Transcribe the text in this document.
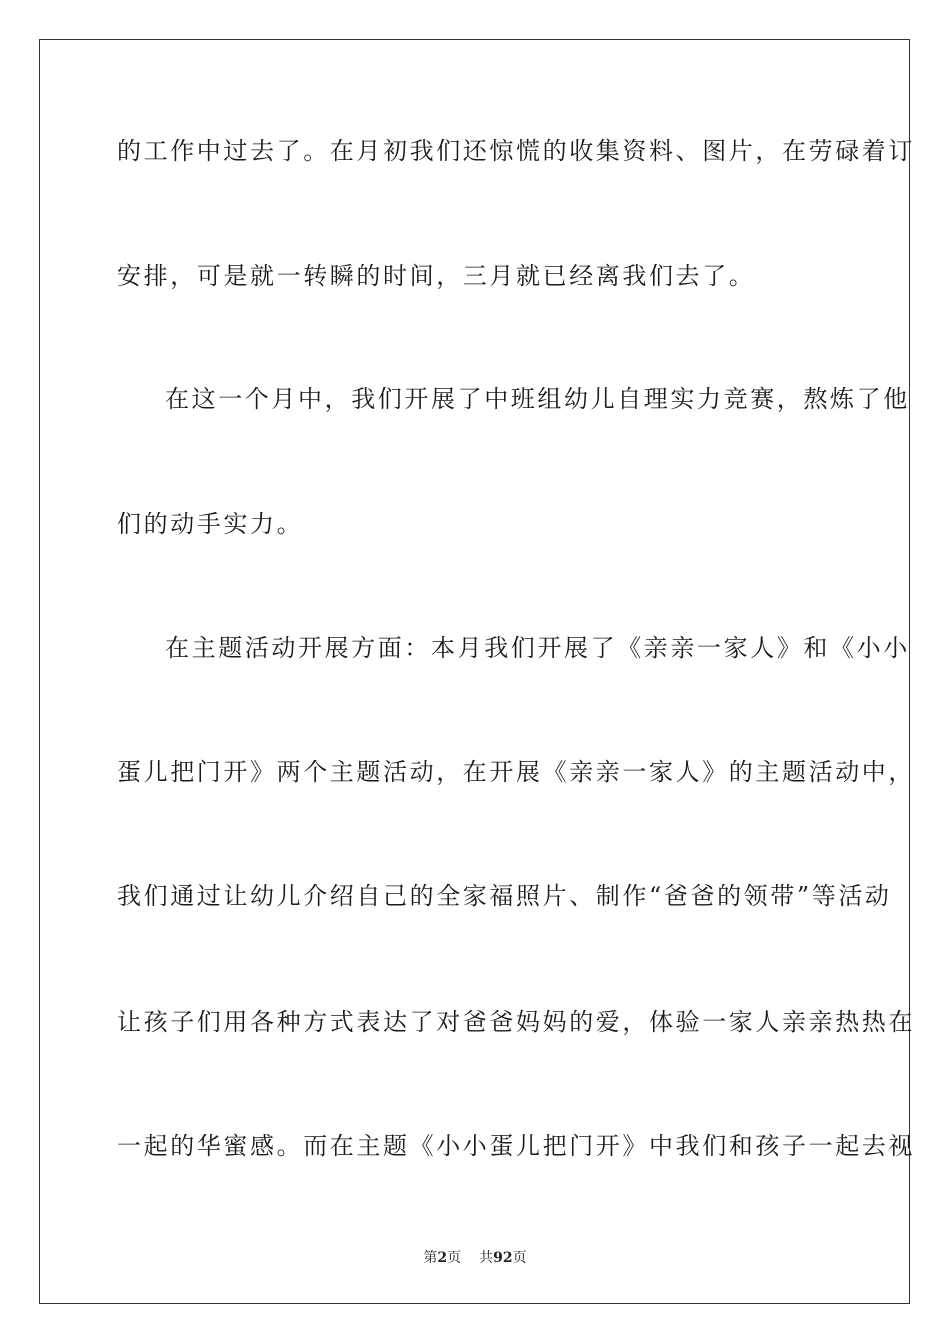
的工作中过去了。在月初我们还惊慌的收集资料、图片，在劳碌着订
安排，可是就一转瞬的时间，三月就已经离我们去了。
在这一个月中，我们开展了中班组幼儿自理实力竞赛，熬炼了他
们的动手实力。
在主题活动开展方面：本月我们开展了《亲亲一家人》和《小小
蛋儿把门开》两个主题活动，在开展《亲亲一家人》的主题活动中，
我们通过让幼儿介绍自己的全家福照片、制作“爸爸的领带”等活动
让孩子们用各种方式表达了对爸爸妈妈的爱，体验一家人亲亲热热在
一起的华蜜感。而在主题《小小蛋儿把门开》中我们和孩子一起去视
第2页 共92页
